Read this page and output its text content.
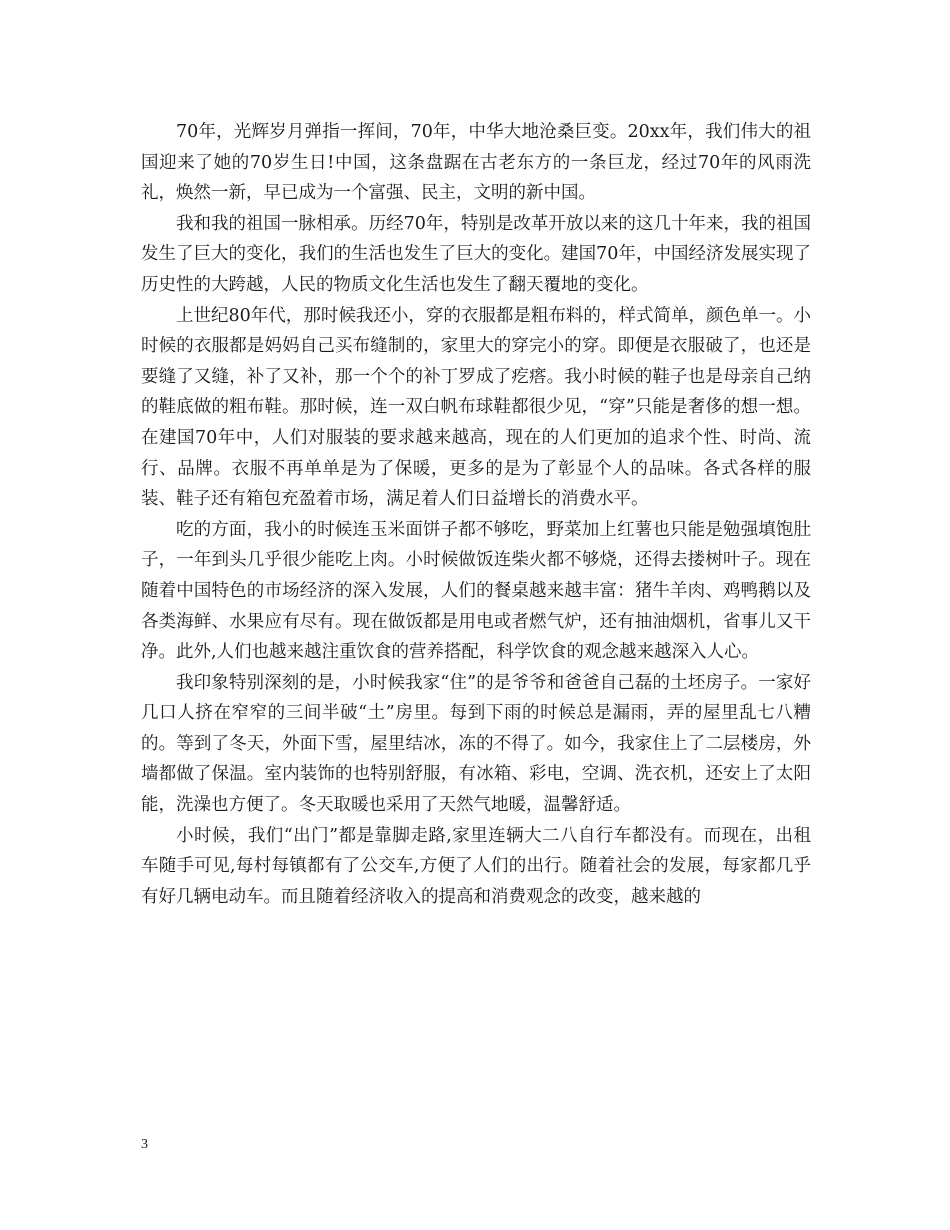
70年，光辉岁月弹指一挥间，70年，中华大地沧桑巨变。20xx年，我们伟大的祖国迎来了她的70岁生日!中国，这条盘踞在古老东方的一条巨龙，经过70年的风雨洗礼，焕然一新，早已成为一个富强、民主，文明的新中国。

我和我的祖国一脉相承。历经70年，特别是改革开放以来的这几十年来，我的祖国发生了巨大的变化，我们的生活也发生了巨大的变化。建国70年，中国经济发展实现了历史性的大跨越，人民的物质文化生活也发生了翻天覆地的变化。

上世纪80年代，那时候我还小，穿的衣服都是粗布料的，样式简单，颜色单一。小时候的衣服都是妈妈自己买布缝制的，家里大的穿完小的穿。即便是衣服破了，也还是要缝了又缝，补了又补，那一个个的补丁罗成了疙瘩。我小时候的鞋子也是母亲自己纳的鞋底做的粗布鞋。那时候，连一双白帆布球鞋都很少见，“穿”只能是奢侈的想一想。在建国70年中，人们对服装的要求越来越高，现在的人们更加的追求个性、时尚、流行、品牌。衣服不再单单是为了保暖，更多的是为了彰显个人的品味。各式各样的服装、鞋子还有箱包充盈着市场，满足着人们日益增长的消费水平。

吃的方面，我小的时候连玉米面饼子都不够吃，野菜加上红薯也只能是勉强填饱肚子，一年到头几乎很少能吃上肉。小时候做饭连柴火都不够烧，还得去搂树叶子。现在随着中国特色的市场经济的深入发展，人们的餐桌越来越丰富：猪牛羊肉、鸡鸭鹅以及各类海鲜、水果应有尽有。现在做饭都是用电或者燃气炉，还有抽油烟机，省事儿又干净。此外,人们也越来越注重饮食的营养搭配，科学饮食的观念越来越深入人心。

我印象特别深刻的是，小时候我家“住”的是爷爷和爸爸自己磊的土坯房子。一家好几口人挤在窄窄的三间半破“土”房里。每到下雨的时候总是漏雨，弄的屋里乱七八糟的。等到了冬天，外面下雪，屋里结冰，冻的不得了。如今，我家住上了二层楼房，外墙都做了保温。室内装饰的也特别舒服，有冰箱、彩电，空调、洗衣机，还安上了太阳能，洗澡也方便了。冬天取暖也采用了天然气地暖，温馨舒适。

小时候，我们“出门”都是靠脚走路,家里连辆大二八自行车都没有。而现在，出租车随手可见,每村每镇都有了公交车,方便了人们的出行。随着社会的发展，每家都几乎有好几辆电动车。而且随着经济收入的提高和消费观念的改变，越来越的

3
